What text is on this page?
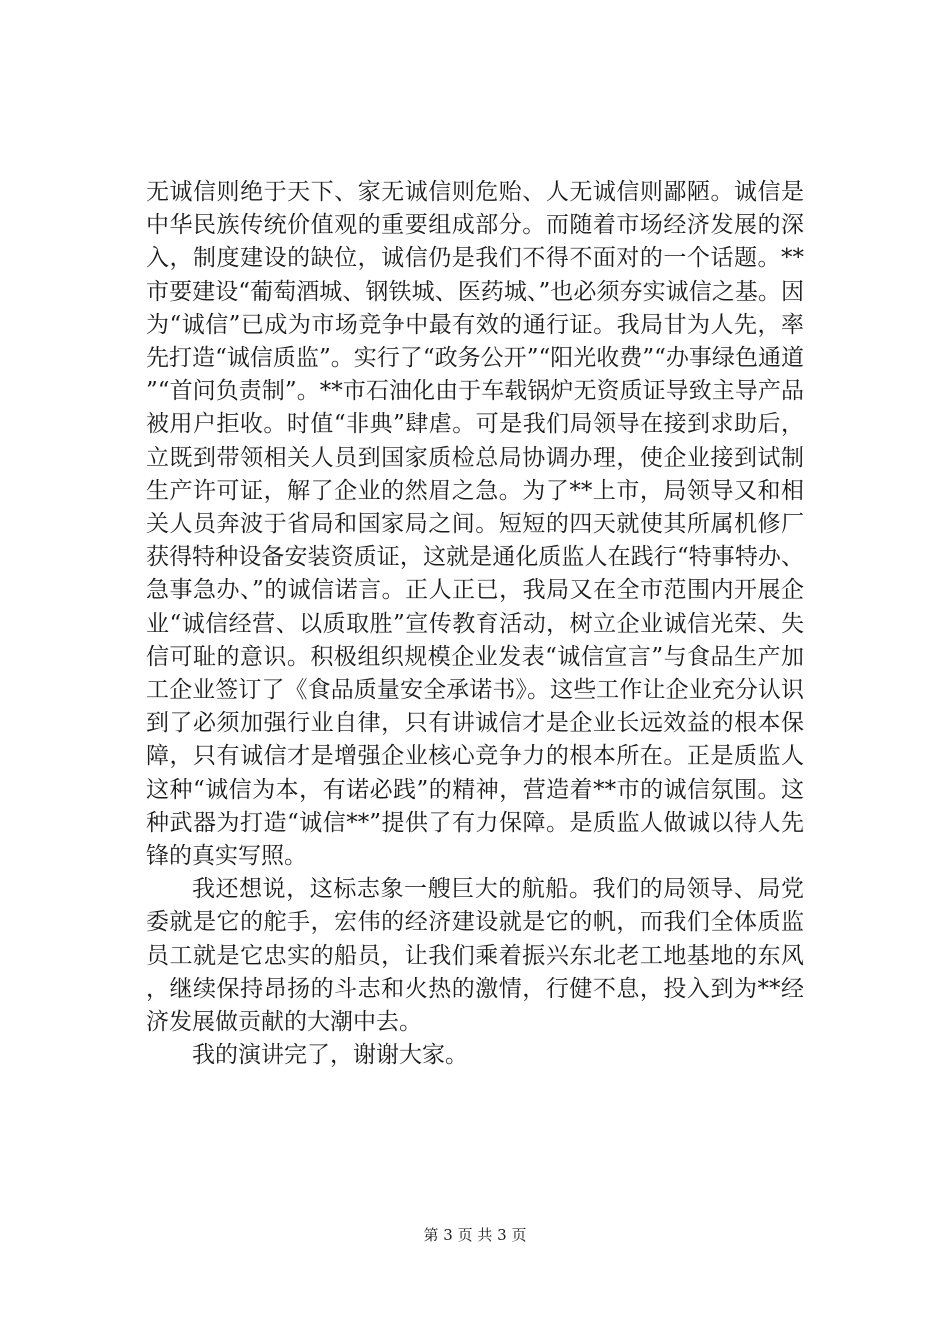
无诚信则绝于天下、家无诚信则危贻、人无诚信则鄙陋。诚信是中华民族传统价值观的重要组成部分。而随着市场经济发展的深入，制度建设的缺位，诚信仍是我们不得不面对的一个话题。**市要建设“葡萄酒城、钢铁城、医药城、”也必须夯实诚信之基。因为“诚信”已成为市场竞争中最有效的通行证。我局甘为人先，率先打造“诚信质监”。实行了“政务公开”“阳光收费”“办事绿色通道”“首问负责制”。**市石油化由于车载锅炉无资质证导致主导产品被用户拒收。时值“非典”肆虐。可是我们局领导在接到求助后，立既到带领相关人员到国家质检总局协调办理，使企业接到试制生产许可证，解了企业的然眉之急。为了**上市，局领导又和相关人员奔波于省局和国家局之间。短短的四天就使其所属机修厂获得特种设备安装资质证，这就是通化质监人在践行“特事特办、急事急办、”的诚信诺言。正人正已，我局又在全市范围内开展企业“诚信经营、以质取胜”宣传教育活动，树立企业诚信光荣、失信可耻的意识。积极组织规模企业发表“诚信宣言”与食品生产加工企业签订了《食品质量安全承诺书》。这些工作让企业充分认识到了必须加强行业自律，只有讲诚信才是企业长远效益的根本保障，只有诚信才是增强企业核心竞争力的根本所在。正是质监人这种“诚信为本，有诺必践”的精神，营造着**市的诚信氛围。这种武器为打造“诚信**”提供了有力保障。是质监人做诚以待人先锋的真实写照。

我还想说，这标志象一艘巨大的航船。我们的局领导、局党委就是它的舵手，宏伟的经济建设就是它的帆，而我们全体质监员工就是它忠实的船员，让我们乘着振兴东北老工地基地的东风，继续保持昂扬的斗志和火热的激情，行健不息，投入到为**经济发展做贡献的大潮中去。

我的演讲完了，谢谢大家。

第 3 页 共 3 页
